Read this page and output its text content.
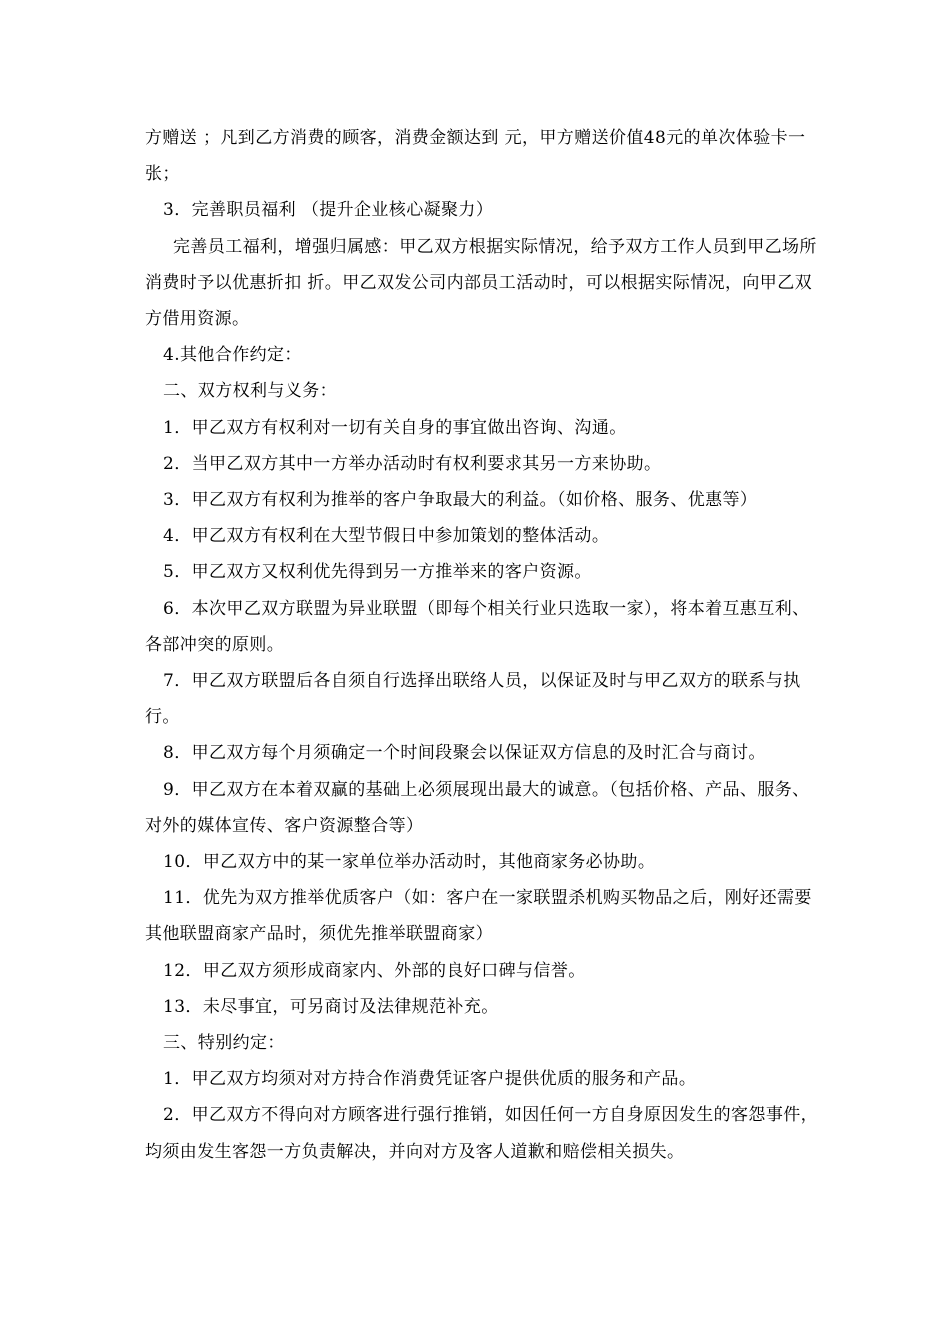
方赠送 ；凡到乙方消费的顾客，消费金额达到 元，甲方赠送价值48元的单次体验卡一张；

3．完善职员福利 （提升企业核心凝聚力）

完善员工福利，增强归属感：甲乙双方根据实际情况，给予双方工作人员到甲乙场所消费时予以优惠折扣 折。甲乙双发公司内部员工活动时，可以根据实际情况，向甲乙双方借用资源。

4.其他合作约定：

二、双方权利与义务：

1．甲乙双方有权利对一切有关自身的事宜做出咨询、沟通。

2．当甲乙双方其中一方举办活动时有权利要求其另一方来协助。

3．甲乙双方有权利为推举的客户争取最大的利益。（如价格、服务、优惠等）

4．甲乙双方有权利在大型节假日中参加策划的整体活动。

5．甲乙双方又权利优先得到另一方推举来的客户资源。

6．本次甲乙双方联盟为异业联盟（即每个相关行业只选取一家），将本着互惠互利、各部冲突的原则。

7．甲乙双方联盟后各自须自行选择出联络人员，以保证及时与甲乙双方的联系与执行。

8．甲乙双方每个月须确定一个时间段聚会以保证双方信息的及时汇合与商讨。

9．甲乙双方在本着双赢的基础上必须展现出最大的诚意。（包括价格、产品、服务、对外的媒体宣传、客户资源整合等）

10．甲乙双方中的某一家单位举办活动时，其他商家务必协助。

11．优先为双方推举优质客户（如：客户在一家联盟杀机购买物品之后，刚好还需要其他联盟商家产品时，须优先推举联盟商家）

12．甲乙双方须形成商家内、外部的良好口碑与信誉。

13．未尽事宜，可另商讨及法律规范补充。

三、特别约定：

1．甲乙双方均须对对方持合作消费凭证客户提供优质的服务和产品。

2．甲乙双方不得向对方顾客进行强行推销，如因任何一方自身原因发生的客怨事件，均须由发生客怨一方负责解决，并向对方及客人道歉和赔偿相关损失。
